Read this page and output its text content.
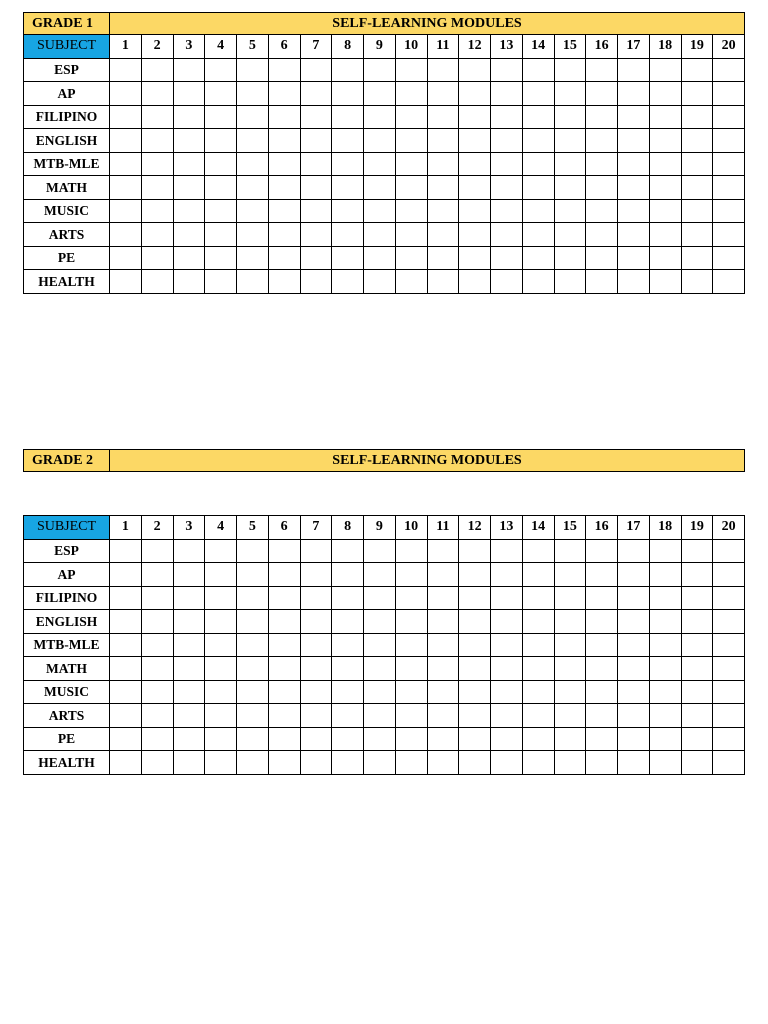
GRADE 1	SELF-LEARNING MODULES																			
SUBJECT	1	2	3	4	5	6	7	8	9	10	11	12	13	14	15	16	17	18	19	20
ESP																				
AP																				
FILIPINO																				
ENGLISH																				
MTB-MLE																				
MATH																				
MUSIC																				
ARTS																				
PE																				
HEALTH																				
GRADE 2	SELF-LEARNING MODULES
SUBJECT	1	2	3	4	5	6	7	8	9	10	11	12	13	14	15	16	17	18	19	20
ESP																				
AP																				
FILIPINO																				
ENGLISH																				
MTB-MLE																				
MATH																				
MUSIC																				
ARTS																				
PE																				
HEALTH																				
